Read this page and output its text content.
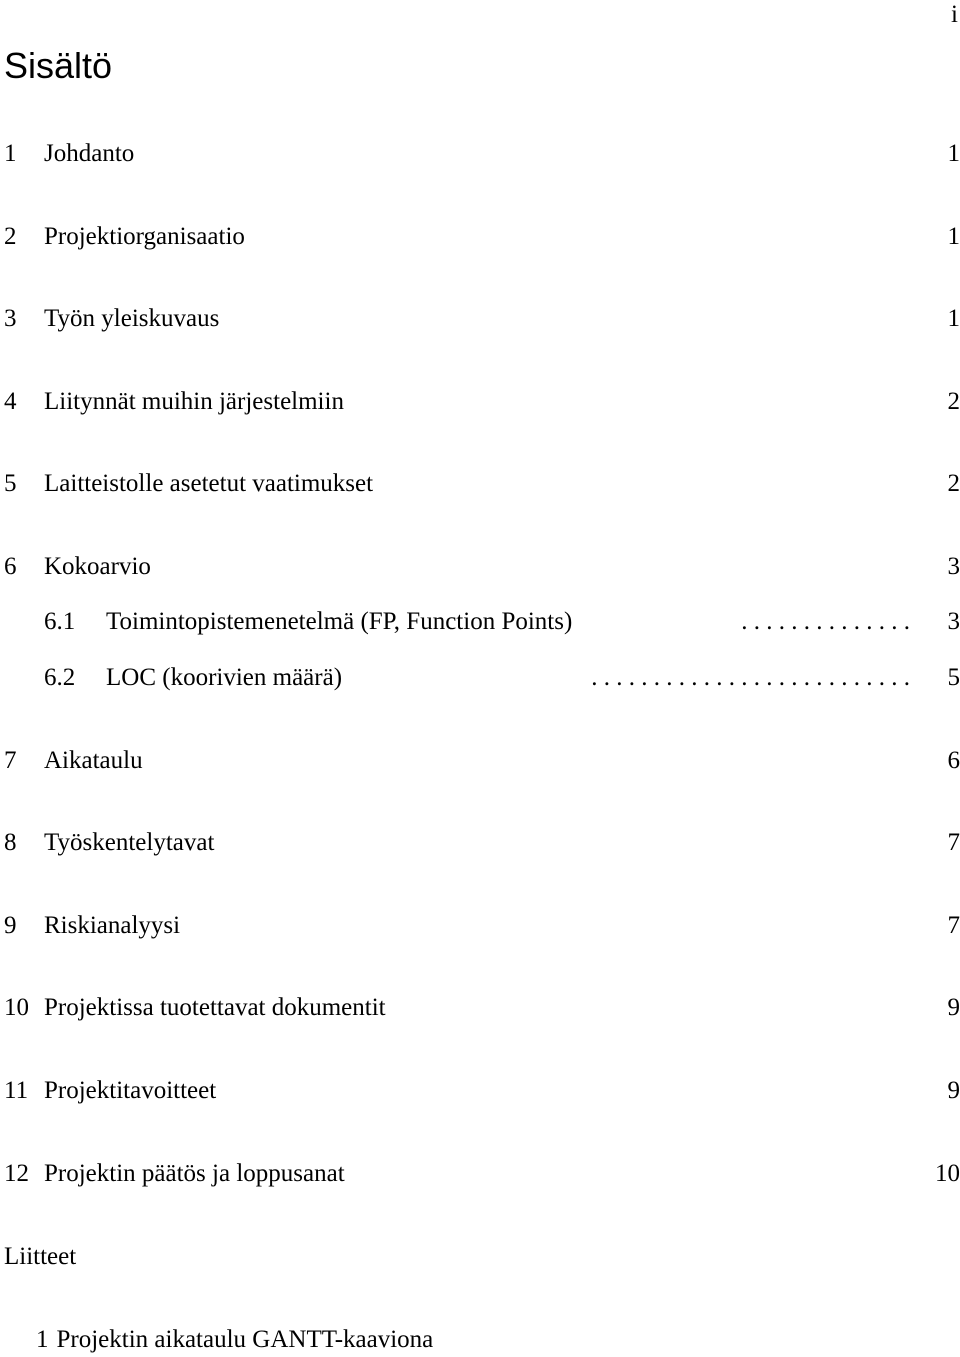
i
Sisältö
1 Johdanto	1
2 Projektiorganisaatio	1
3 Työn yleiskuvaus	1
4 Liitynnät muihin järjestelmiin	2
5 Laitteistolle asetetut vaatimukset	2
6 Kokoarvio	3
6.1 Toimintopistemenetelmä (FP, Function Points)	. . . . . . . . . . . . . . 3
6.2 LOC (koorivien määrä)	. . . . . . . . . . . . . . . . . . . . . . . . . . 5
7 Aikataulu	6
8 Työskentelytavat	7
9 Riskianalyysi	7
10 Projektissa tuotettavat dokumentit	9
11 Projektitavoitteet	9
12 Projektin päätös ja loppusanat	10
Liitteet
1 Projektin aikataulu GANTT-kaaviona
